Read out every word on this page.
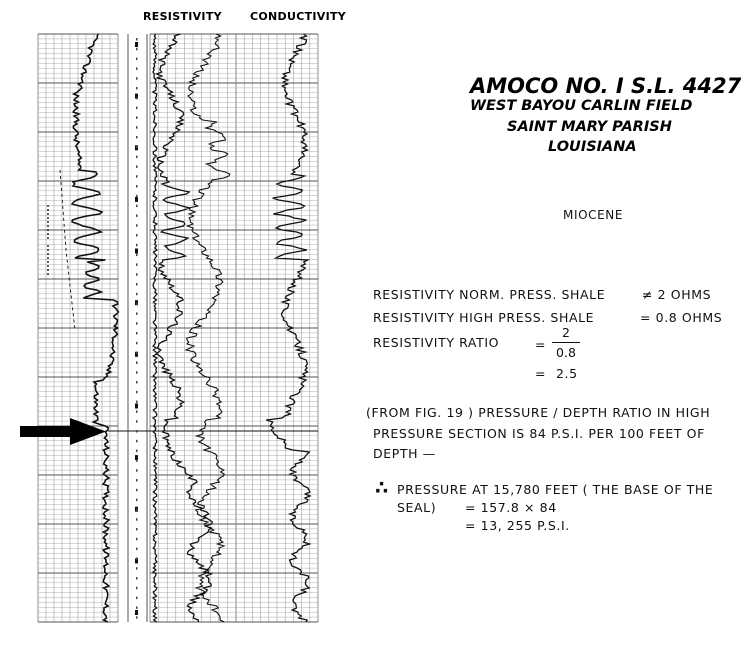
RESISTIVITY	CONDUCTIVITY
AMOCO NO. I S.L. 4427
WEST BAYOU CARLIN FIELD
SAINT MARY PARISH
LOUISIANA
MIOCENE
RESISTIVITY NORM. PRESS. SHALE	≠ 2 OHMS
RESISTIVITY HIGH PRESS. SHALE	= 0.8 OHMS
RESISTIVITY RATIO	=
2
0.8
= 2.5
(FROM FIG. 19 ) PRESSURE / DEPTH RATIO IN HIGH
PRESSURE SECTION IS 84 P.S.I. PER 100 FEET OF
DEPTH —
∴ PRESSURE AT 15,780 FEET ( THE BASE OF THE
SEAL) = 157.8 × 84
= 13, 255 P.S.I.
